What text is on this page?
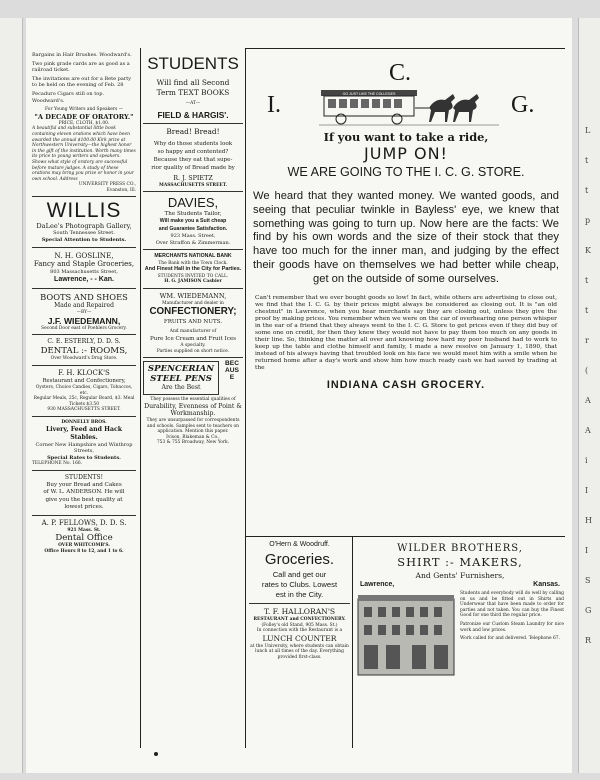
L
t
t
p
K
t
t
r
(
A
A
i
I
H
I
S
G
R

Bargains in Hair Brushes. Woodward's.

Two pink grade cards are as good as a railroad ticket.

The invitations are out for a Bete party to be held on the evening of Feb. 28

Pecaduro Cigars still on top. Woodward's.

For Young Writers and Speakers —

"A DECADE OF ORATORY."

PRICE, CLOTH, $1.00.

A beautiful and substantial little book containing eleven orations which have been awarded the annual $100.00 Kirk prize at Northwestern University—the highest honor in the gift of the institution. Worth many times its price to young writers and speakers. Shows what style of oratory are successful before mature judges. A study of these orations may bring you prize or honor in your own school. Address

UNIVERSITY PRESS CO.,

Evanston, Ill.

WILLIS

DaLee's Photograph Gallery,

South Tennessee Street.

Special Attention to Students.

N. H. GOSLINE,

Fancy and Staple Groceries,

803 Massachusetts Street,

Lawrence, - - Kan.

BOOTS AND SHOES

Made and Repaired

—BY—

J.F. WIEDEMANN,

Second Door east of Poehlers Grocery.

C. E. ESTERLY, D. D. S.

DENTAL :- ROOMS,

Over Woodward's Drug Store.

F. H. KLOCK'S

Restaurant and Confectionery,

Oysters, Choice Candies, Cigars, Tobaccos, etc.

Regular Meals, 25c, Regular Board, $3. Meal Tickets $3.50

930 MASSACHUSETTS STREET.

DONNELLY BROS.

Livery, Feed and Hack Stables.

Corner New Hampshire and Winthrop Streets,

Special Rates to Students.

TELEPHONE No. 166.

STUDENTS!

Buy your Bread and Cakes

of W. L. ANDERSON. He will

give you the best quality at

lowest prices.

A. P. FELLOWS, D. D. S.

921 Mass. St.

Dental Office

OVER WHITCOMB'S.

Office Hours 8 to 12, and 1 to 6.

STUDENTS

Will find all Second

Term TEXT BOOKS

—AT—

FIELD & HARGIS'.

Bread! Bread!

Why do those students look

so happy and contented?

Because they eat that supe-

rior quality of Bread made by

R. J. SPIETZ

MASSACHUSETTS STREET.

DAVIES,

The Students Tailor,

Will make you a Suit cheap

and Guarantee Satisfaction.

923 Mass. Street,

Over Straffon & Zimmerman.

MERCHANTS NATIONAL BANK

The Bank with the Town Clock.

And Finest Hall in the City for Parties.

STUDENTS INVITED TO CALL.

H. G. JAMISON Cashier

WM. WIEDEMANN,

Manufacturer and dealer in

CONFECTIONERY;

FRUITS AND NUTS.

And manufacturer of

Pure Ice Cream and Fruit Ices

A specialty.

Parties supplied on short notice.

SPENCERIAN

STEEL PENS

Are the Best

BECAUSE

They possess the essential qualities of

Durability, Evenness of Point & Workmanship.

They are unsurpassed for correspondents and schools. Samples sent to teachers on application. Mention this paper.

Ivison, Blakeman & Co.,

753 & 755 Broadway, New York.

I.
C.
G.
GO JUST LIKE THE COLLEGES

If you want to take a ride,

JUMP ON!

WE ARE GOING TO THE I. C. G. STORE.

We heard that they wanted money. We wanted goods, and seeing that peculiar twinkle in Bayless' eye, we knew that something was going to turn up. Now here are the facts: We find by his own words and the size of their stock that they have too much for the inner man, and judging by the effect their goods have on themselves we had better while cheap, get on the outside of some ourselves.

Can't remember that we ever bought goods so low! In fact, while others are advertising to close out, we find that the I. C. G. by their prices might always be considered as closing out. It is "an old chestnut" in Lawrence, when you hear merchants say they are closing out, unless they give the proof by making prices. You remember when we were on the car of overhearing one person whisper in the ear of a friend that they always went to the I. C. G. Store to get prices even if they did buy of some one on credit, for then they knew they would not have to pay them too much on any goods in their line. So, thinking the matter all over and knowing how hard my poor husband had to work to keep up the table and clothe himself and family, I made a new resolve on January 1, 1890, that instead of his always having that troubled look on his face we would meet him with a smile when he returned home after a day's work and show him how much ready cash we had saved by trading at the

INDIANA CASH GROCERY.

O'Hern & Woodruff.

Groceries.

Call and get our

rates to Clubs. Lowest

est in the City.

T. F. HALLORAN'S

RESTAURANT and CONFECTIONERY.

(Folley's old Stand, 905 Mass. St.)

In connection with the Restaurant is a

LUNCH COUNTER

at the University, where students can obtain lunch at all times of the day. Everything provided first-class.

WILDER BROTHERS,

SHIRT :- MAKERS,

And Gents' Furnishers,

Lawrence,	Kansas.

Students and everybody will do well by calling on us and be fitted out in Shirts and Underwear that have been made to order for parties and not taken. You can buy the Finest Good for one third the regular price.

Patronize our Custom Steam Laundry for nice work and low prices.

Work called for and delivered. Telephone 67.
